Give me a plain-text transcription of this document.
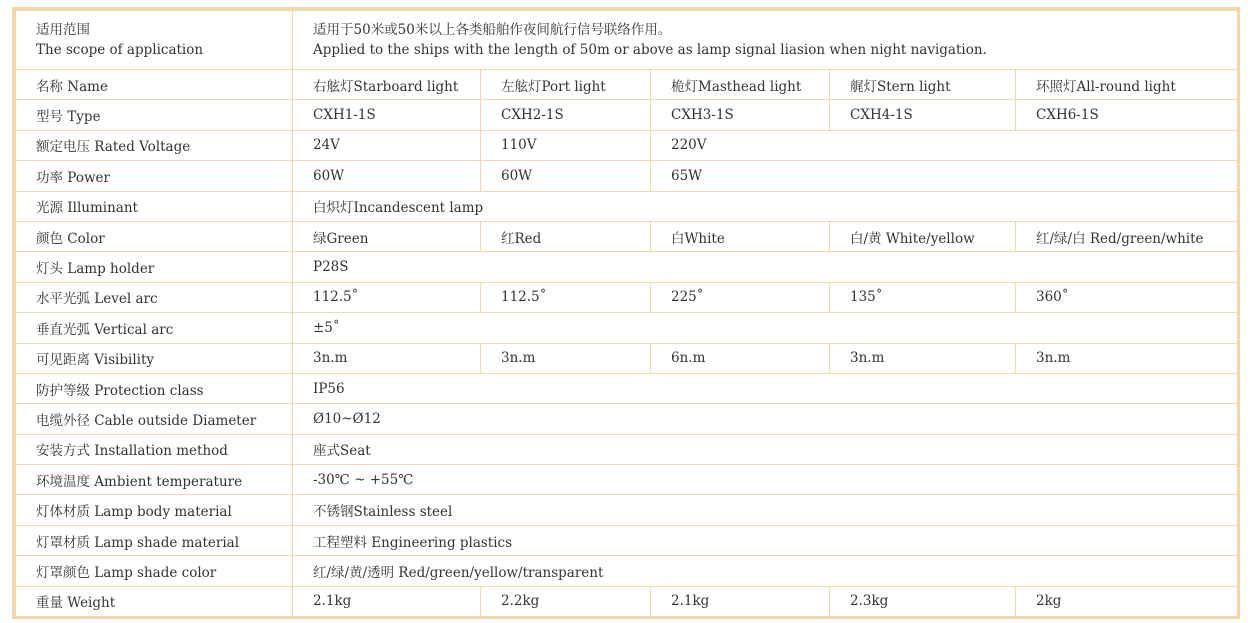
适用范围
The scope of application	适用于50米或50米以上各类船舶作夜间航行信号联络作用。
Applied to the ships with the length of 50m or above as lamp signal liasion when night navigation.				

名称 Name	右舷灯Starboard light	左舷灯Port light	桅灯Masthead light	艉灯Stern light	环照灯All-round light
型号 Type	CXH1-1S	CXH2-1S	CXH3-1S	CXH4-1S	CXH6-1S
额定电压 Rated Voltage	24V	110V	220V		
功率 Power	60W	60W	65W		
光源 Illuminant	白炽灯Incandescent lamp				
颜色 Color	绿Green	红Red	白White	白/黄 White/yellow	红/绿/白 Red/green/white
灯头 Lamp holder	P28S				
水平光弧 Level arc	112.5˚	112.5˚	225˚	135˚	360˚
垂直光弧 Vertical arc	±5˚				
可见距离 Visibility	3n.m	3n.m	6n.m	3n.m	3n.m
防护等级 Protection class	IP56				
电缆外径 Cable outside Diameter	Ø10~Ø12				
安装方式 Installation method	座式Seat				
环境温度 Ambient temperature	-30℃ ~ +55℃				
灯体材质 Lamp body material	不锈钢Stainless steel				
灯罩材质 Lamp shade material	工程塑料 Engineering plastics				
灯罩颜色 Lamp shade color	红/绿/黄/透明 Red/green/yellow/transparent				
重量 Weight	2.1kg	2.2kg	2.1kg	2.3kg	2kg
